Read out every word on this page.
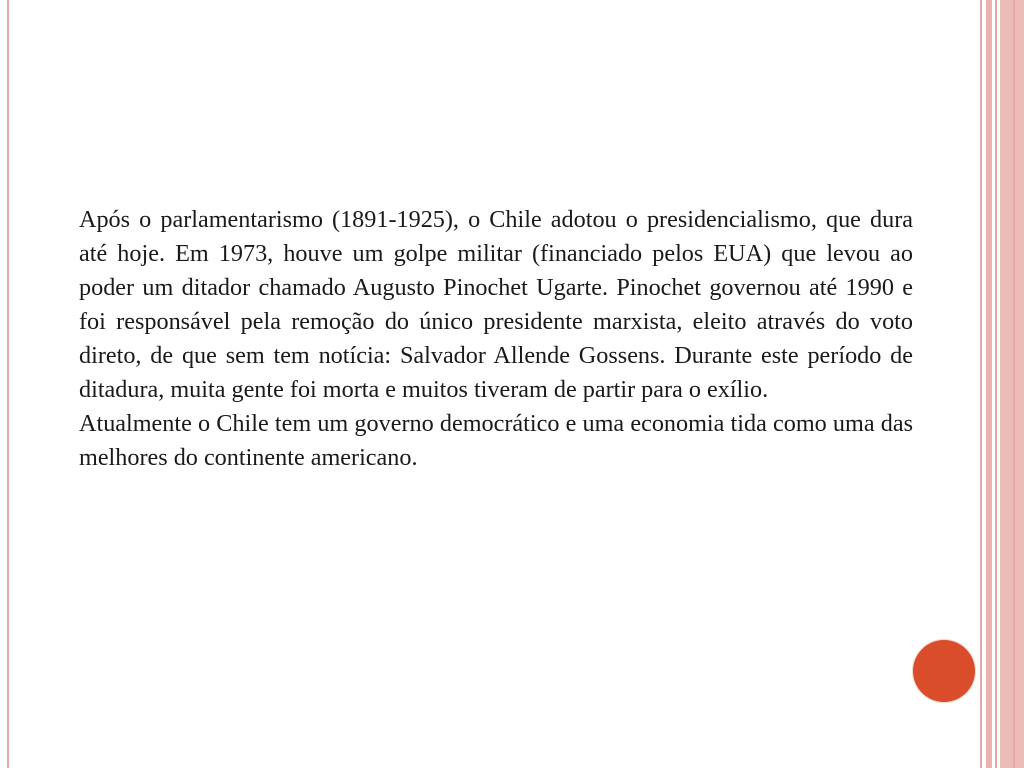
Após o parlamentarismo (1891-1925), o Chile adotou o presidencialismo, que dura até hoje. Em 1973, houve um golpe militar (financiado pelos EUA) que levou ao poder um ditador chamado Augusto Pinochet Ugarte. Pinochet governou até 1990 e foi responsável pela remoção do único presidente marxista, eleito através do voto direto, de que sem tem notícia: Salvador Allende Gossens. Durante este período de ditadura, muita gente foi morta e muitos tiveram de partir para o exílio.

Atualmente o Chile tem um governo democrático e uma economia tida como uma das melhores do continente americano.
